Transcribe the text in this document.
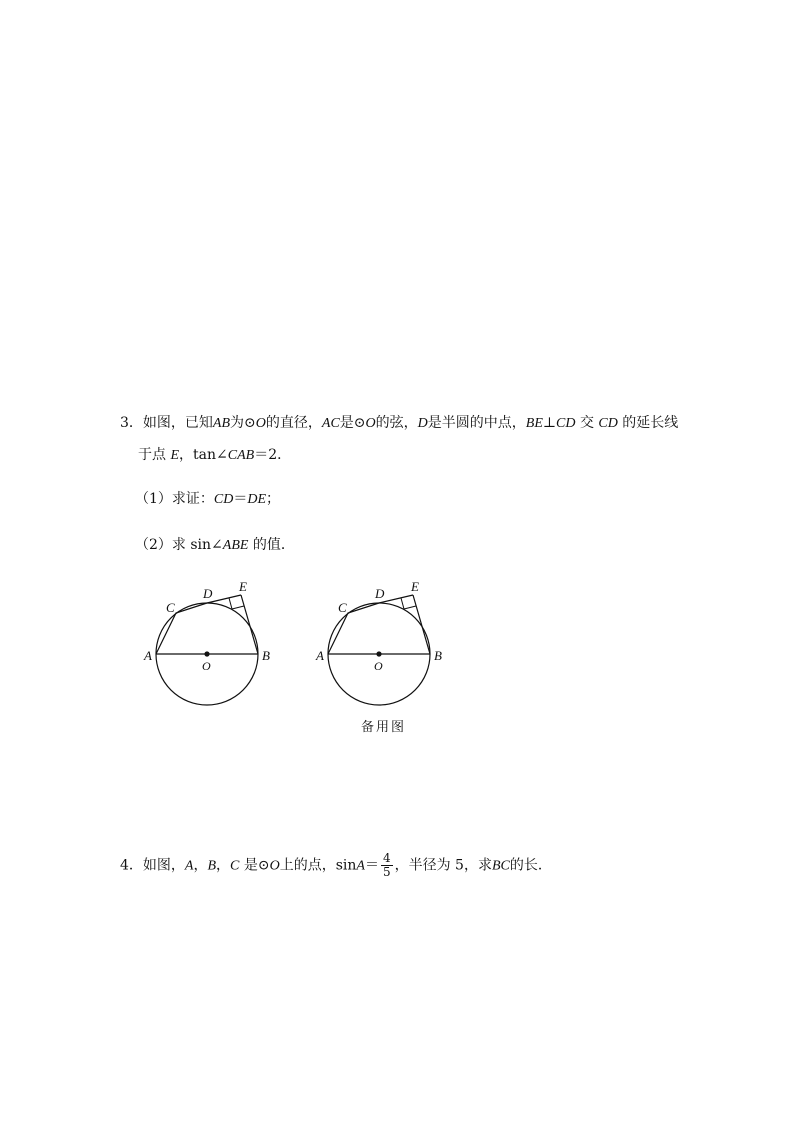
3．如图，已知AB为⊙O的直径，AC是⊙O的弦，D是半圆的中点，BE⊥CD 交 CD 的延长线
于点 E，tan∠CAB＝2．
（1）求证：CD＝DE；
（2）求 sin∠ABE 的值．
A	B
C
D E
O
A	B
C
D E
O
备用图
4．如图，A，B，C 是⊙O上的点，$\sin A= \frac{4}{5}$ ，半径为 5，求BC的长．
